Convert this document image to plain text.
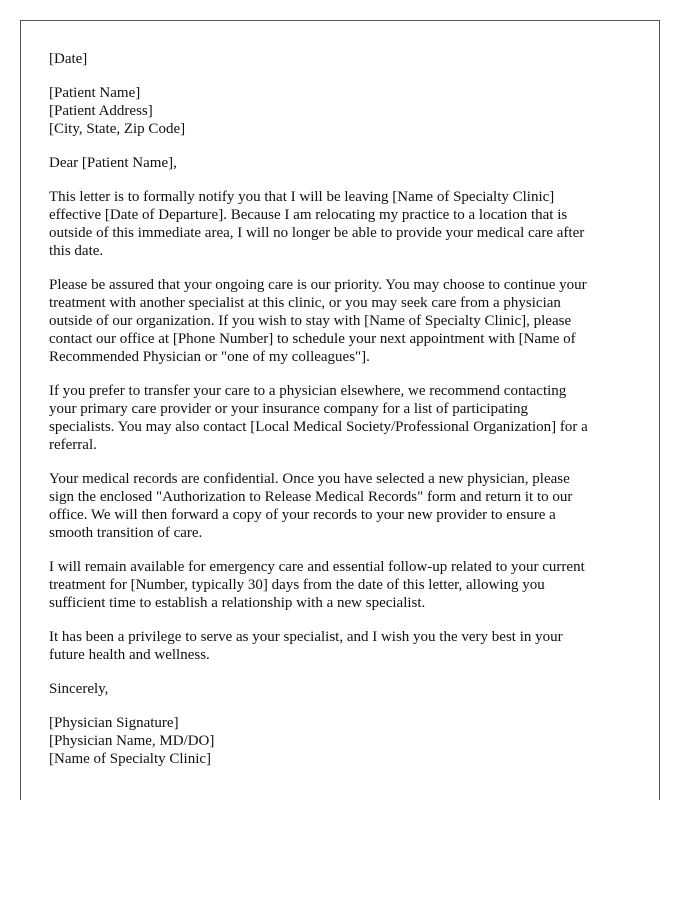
[Date]
[Patient Name]
[Patient Address]
[City, State, Zip Code]
Dear [Patient Name],
This letter is to formally notify you that I will be leaving [Name of Specialty Clinic]
effective [Date of Departure]. Because I am relocating my practice to a location that is
outside of this immediate area, I will no longer be able to provide your medical care after
this date.
Please be assured that your ongoing care is our priority. You may choose to continue your
treatment with another specialist at this clinic, or you may seek care from a physician
outside of our organization. If you wish to stay with [Name of Specialty Clinic], please
contact our office at [Phone Number] to schedule your next appointment with [Name of
Recommended Physician or "one of my colleagues"].
If you prefer to transfer your care to a physician elsewhere, we recommend contacting
your primary care provider or your insurance company for a list of participating
specialists. You may also contact [Local Medical Society/Professional Organization] for a
referral.
Your medical records are confidential. Once you have selected a new physician, please
sign the enclosed "Authorization to Release Medical Records" form and return it to our
office. We will then forward a copy of your records to your new provider to ensure a
smooth transition of care.
I will remain available for emergency care and essential follow-up related to your current
treatment for [Number, typically 30] days from the date of this letter, allowing you
sufficient time to establish a relationship with a new specialist.
It has been a privilege to serve as your specialist, and I wish you the very best in your
future health and wellness.
Sincerely,
[Physician Signature]
[Physician Name, MD/DO]
[Name of Specialty Clinic]
